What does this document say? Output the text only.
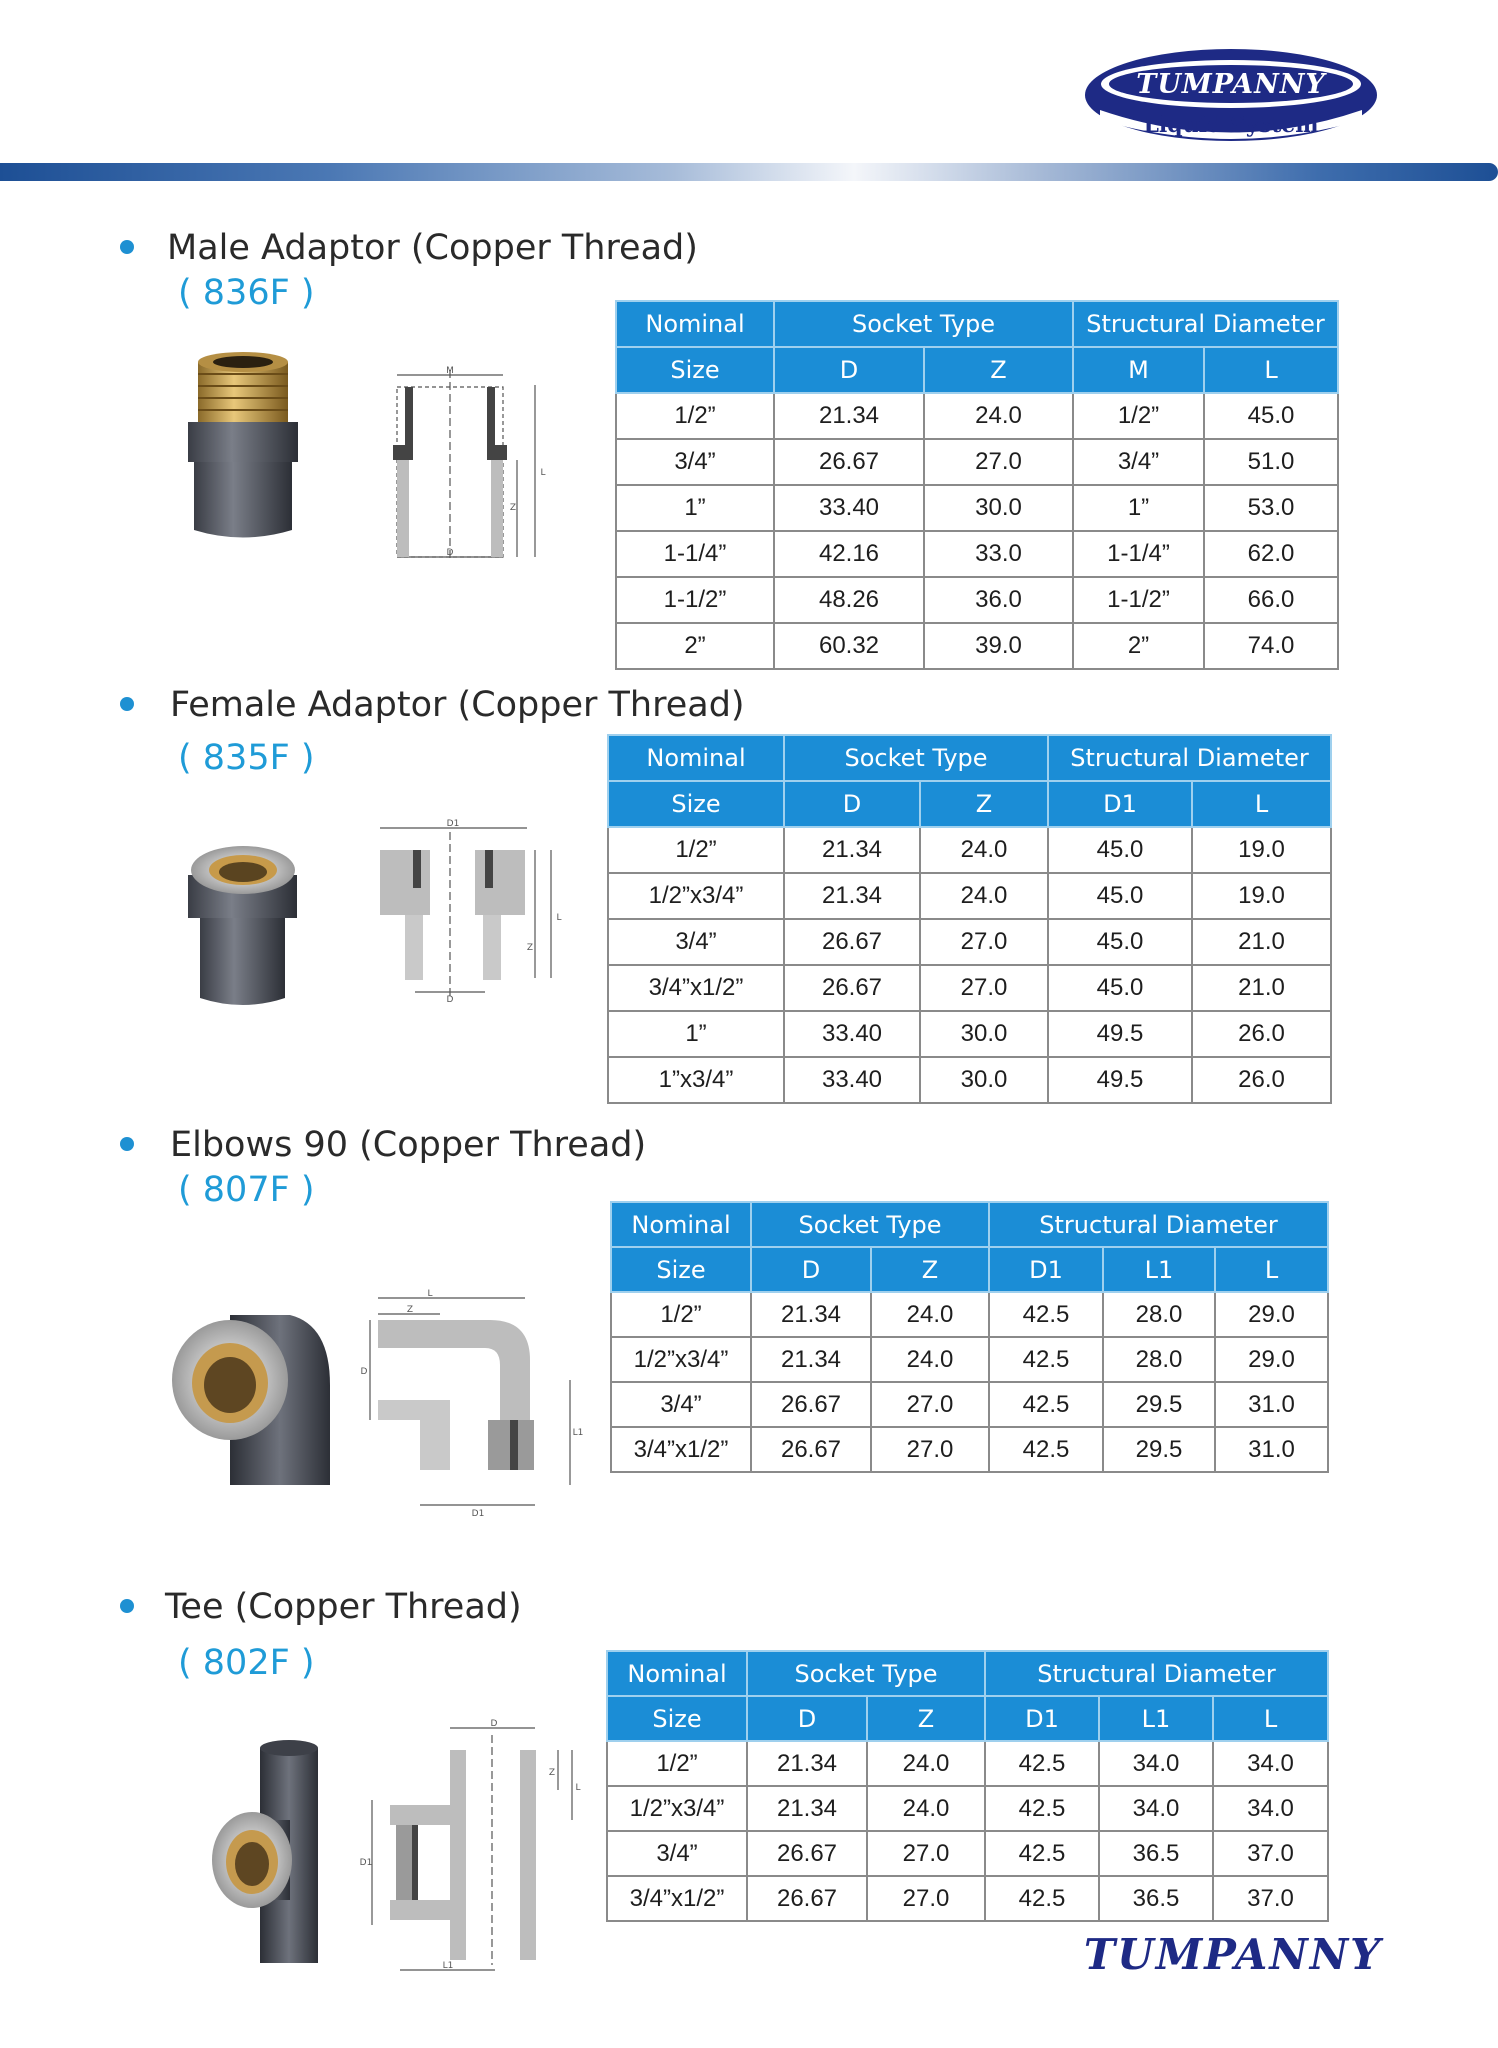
TUMPANNY
Liquid System
Male Adaptor (Copper Thread)
( 836F )
M
Z
L
D
Nominal	Socket Type		Structural Diameter	
Size	D	Z	M	L
1/2”	21.34	24.0	1/2”	45.0
3/4”	26.67	27.0	3/4”	51.0
1”	33.40	30.0	1”	53.0
1-1/4”	42.16	33.0	1-1/4”	62.0
1-1/2”	48.26	36.0	1-1/2”	66.0
2”	60.32	39.0	2”	74.0
Female Adaptor (Copper Thread)
( 835F )
D1
Z
L
D
Nominal	Socket Type		Structural Diameter	
Size	D	Z	D1	L
1/2”	21.34	24.0	45.0	19.0
1/2”x3/4”	21.34	24.0	45.0	19.0
3/4”	26.67	27.0	45.0	21.0
3/4”x1/2”	26.67	27.0	45.0	21.0
1”	33.40	30.0	49.5	26.0
1”x3/4”	33.40	30.0	49.5	26.0
Elbows 90 (Copper Thread)
( 807F )
L
Z
D
L1
D1
Nominal	Socket Type		Structural Diameter		
Size	D	Z	D1	L1	L
1/2”	21.34	24.0	42.5	28.0	29.0
1/2”x3/4”	21.34	24.0	42.5	28.0	29.0
3/4”	26.67	27.0	42.5	29.5	31.0
3/4”x1/2”	26.67	27.0	42.5	29.5	31.0
Tee (Copper Thread)
( 802F )
D
Z
L
D1
L1
Nominal	Socket Type		Structural Diameter		
Size	D	Z	D1	L1	L
1/2”	21.34	24.0	42.5	34.0	34.0
1/2”x3/4”	21.34	24.0	42.5	34.0	34.0
3/4”	26.67	27.0	42.5	36.5	37.0
3/4”x1/2”	26.67	27.0	42.5	36.5	37.0
TUMPANNY
